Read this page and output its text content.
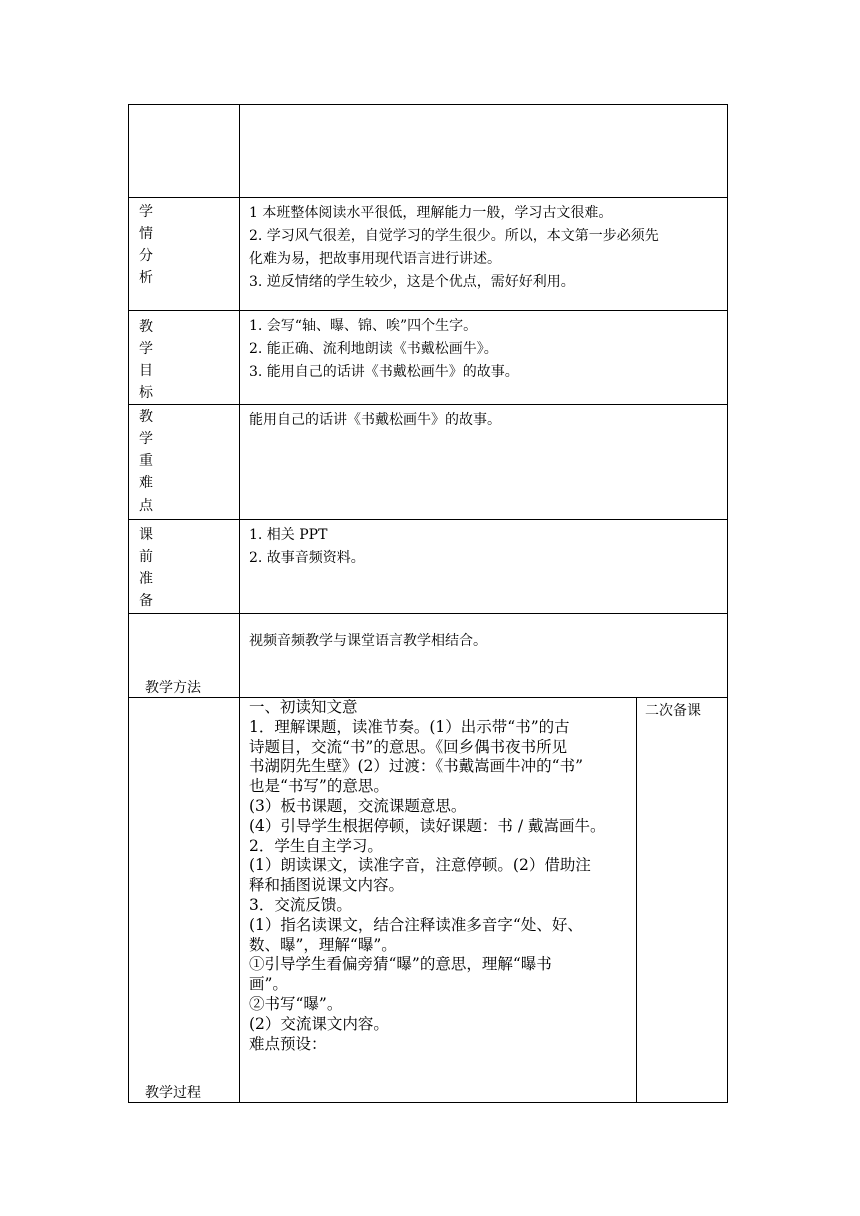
学
情
分
析
1 本班整体阅读水平很低，理解能力一般，学习古文很难。
2. 学习风气很差，自觉学习的学生很少。所以，本文第一步必须先
化难为易，把故事用现代语言进行讲述。
3. 逆反情绪的学生较少，这是个优点，需好好利用。
教
学
目
标
1. 会写“轴、曝、锦、唉”四个生字。
2. 能正确、流利地朗读《书戴松画牛》。
3. 能用自己的话讲《书戴松画牛》的故事。
教
学
重
难
点
能用自己的话讲《书戴松画牛》的故事。
课
前
准
备
1. 相关 PPT
2. 故事音频资料。
教学方法
视频音频教学与课堂语言教学相结合。
教学过程
一、初读知文意
1．理解课题，读准节奏。(1）出示带“书”的古
诗题目，交流“书”的意思。《回乡偶书夜书所见
书湖阴先生壁》(2）过渡：《书戴嵩画牛冲的“书”
也是“书写”的意思。
(3）板书课题，交流课题意思。
(4）引导学生根据停顿，读好课题：书 / 戴嵩画牛。
2．学生自主学习。
(1）朗读课文，读准字音，注意停顿。(2）借助注
释和插图说课文内容。
3．交流反馈。
(1）指名读课文，结合注释读准多音字“处、好、
数、曝”，理解“曝”。
①引导学生看偏旁猜“曝”的意思，理解“曝书
画”。
②书写“曝”。
(2）交流课文内容。
难点预设：
二次备课
